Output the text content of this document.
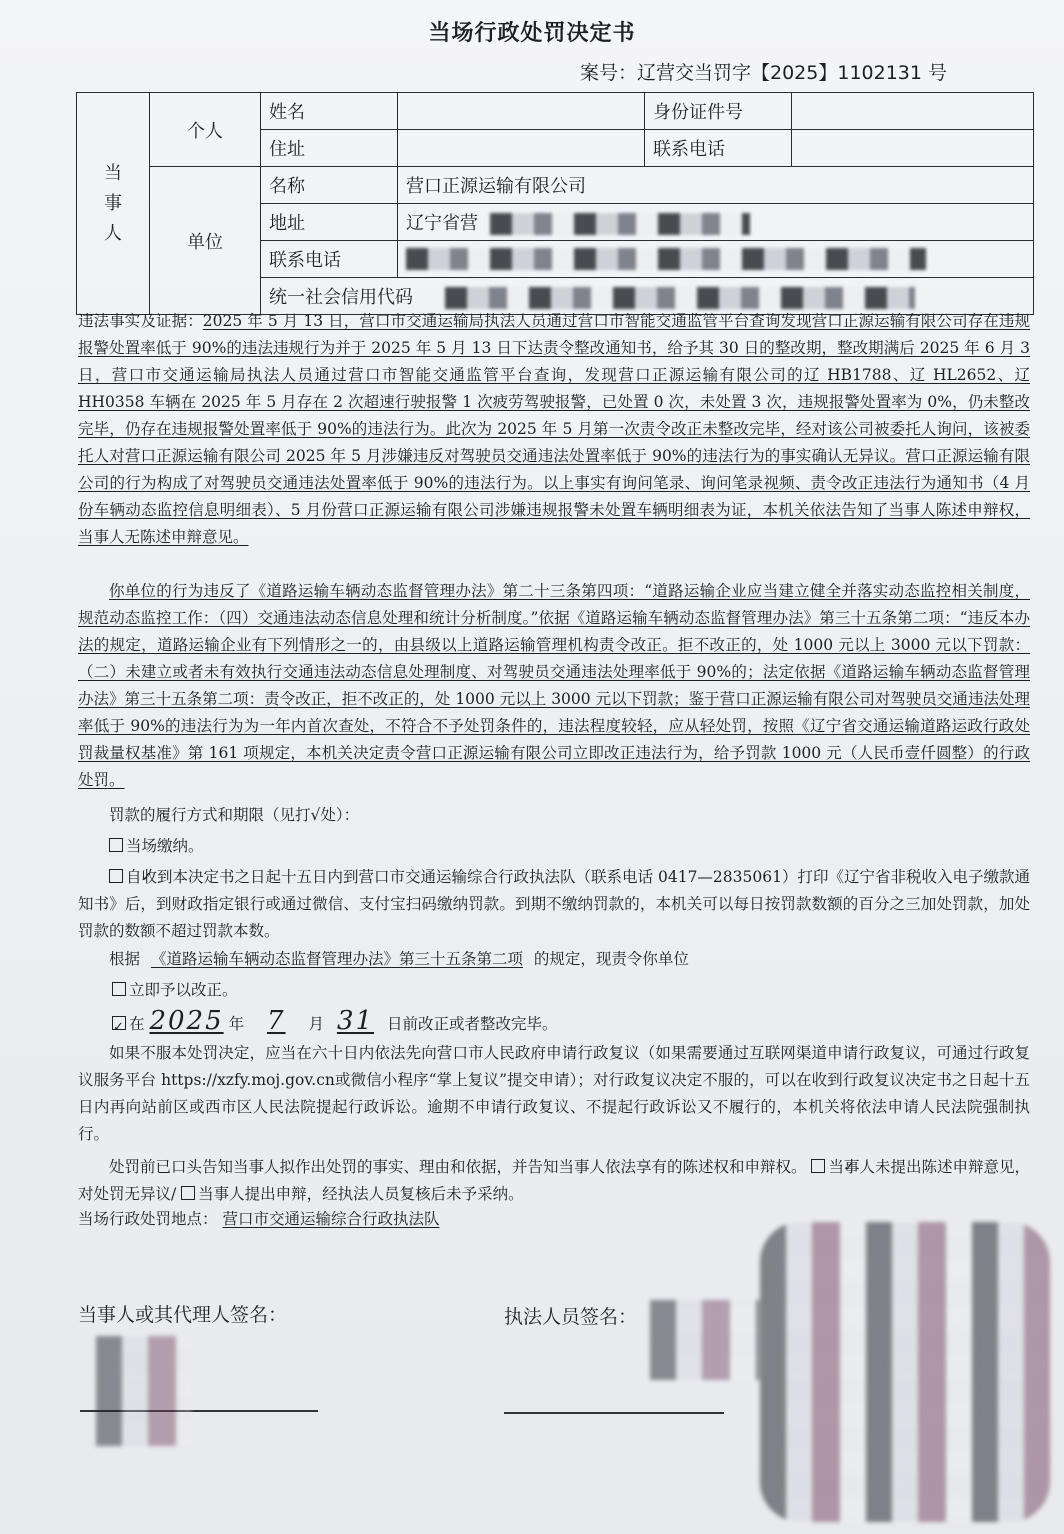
当场行政处罚决定书
案号：辽营交当罚字【2025】1102131 号
当
事
人	个人	姓名		身份证件号	
		住址		联系电话	
	单位	名称	营口正源运输有限公司		
		地址	辽宁省营		
		联系电话			
		统一社会信用代码			

违法事实及证据：2025 年 5 月 13 日，营口市交通运输局执法人员通过营口市智能交通监管平台查询发现营口正源运输有限公司存在违规报警处置率低于 90%的违法违规行为并于 2025 年 5 月 13 日下达责令整改通知书，给予其 30 日的整改期，整改期满后 2025 年 6 月 3 日，营口市交通运输局执法人员通过营口市智能交通监管平台查询，发现营口正源运输有限公司的辽 HB1788、辽 HL2652、辽 HH0358 车辆在 2025 年 5 月存在 2 次超速行驶报警 1 次疲劳驾驶报警，已处置 0 次，未处置 3 次，违规报警处置率为 0%，仍未整改完毕，仍存在违规报警处置率低于 90%的违法行为。此次为 2025 年 5 月第一次责令改正未整改完毕，经对该公司被委托人询问，该被委托人对营口正源运输有限公司 2025 年 5 月涉嫌违反对驾驶员交通违法处置率低于 90%的违法行为的事实确认无异议。营口正源运输有限公司的行为构成了对驾驶员交通违法处置率低于 90%的违法行为。以上事实有询问笔录、询问笔录视频、责令改正违法行为通知书（4 月份车辆动态监控信息明细表）、5 月份营口正源运输有限公司涉嫌违规报警未处置车辆明细表为证，本机关依法告知了当事人陈述申辩权，当事人无陈述申辩意见。

你单位的行为违反了《道路运输车辆动态监督管理办法》第二十三条第四项：“道路运输企业应当建立健全并落实动态监控相关制度，规范动态监控工作：（四）交通违法动态信息处理和统计分析制度。”依据《道路运输车辆动态监督管理办法》第三十五条第二项：“违反本办法的规定，道路运输企业有下列情形之一的，由县级以上道路运输管理机构责令改正。拒不改正的，处 1000 元以上 3000 元以下罚款：（二）未建立或者未有效执行交通违法动态信息处理制度、对驾驶员交通违法处理率低于 90%的；法定依据《道路运输车辆动态监督管理办法》第三十五条第二项：责令改正，拒不改正的，处 1000 元以上 3000 元以下罚款；鉴于营口正源运输有限公司对驾驶员交通违法处理率低于 90%的违法行为为一年内首次查处，不符合不予处罚条件的，违法程度较轻，应从轻处罚，按照《辽宁省交通运输道路运政行政处罚裁量权基准》第 161 项规定，本机关决定责令营口正源运输有限公司立即改正违法行为，给予罚款 1000 元（人民币壹仟圆整）的行政处罚。

罚款的履行方式和期限（见打√处）：

当场缴纳。

✓自收到本决定书之日起十五日内到营口市交通运输综合行政执法队（联系电话 0417—2835061）打印《辽宁省非税收入电子缴款通知书》后，到财政指定银行或通过微信、支付宝扫码缴纳罚款。到期不缴纳罚款的，本机关可以每日按罚款数额的百分之三加处罚款，加处罚款的数额不超过罚款本数。

根据 《道路运输车辆动态监督管理办法》第三十五条第二项 的规定，现责令你单位

立即予以改正。

✓在 2025 年 7 月 31 日前改正或者整改完毕。

如果不服本处罚决定，应当在六十日内依法先向营口市人民政府申请行政复议（如果需要通过互联网渠道申请行政复议，可通过行政复议服务平台 https://xzfy.moj.gov.cn或微信小程序“掌上复议”提交申请）；对行政复议决定不服的，可以在收到行政复议决定书之日起十五日内再向站前区或西市区人民法院提起行政诉讼。逾期不申请行政复议、不提起行政诉讼又不履行的，本机关将依法申请人民法院强制执行。

处罚前已口头告知当事人拟作出处罚的事实、理由和依据，并告知当事人依法享有的陈述权和申辩权。 ✓ 当事人未提出陈述申辩意见，对处罚无异议/ 当事人提出申辩，经执法人员复核后未予采纳。

当场行政处罚地点： 营口市交通运输综合行政执法队

当事人或其代理人签名：	执法人员签名：
